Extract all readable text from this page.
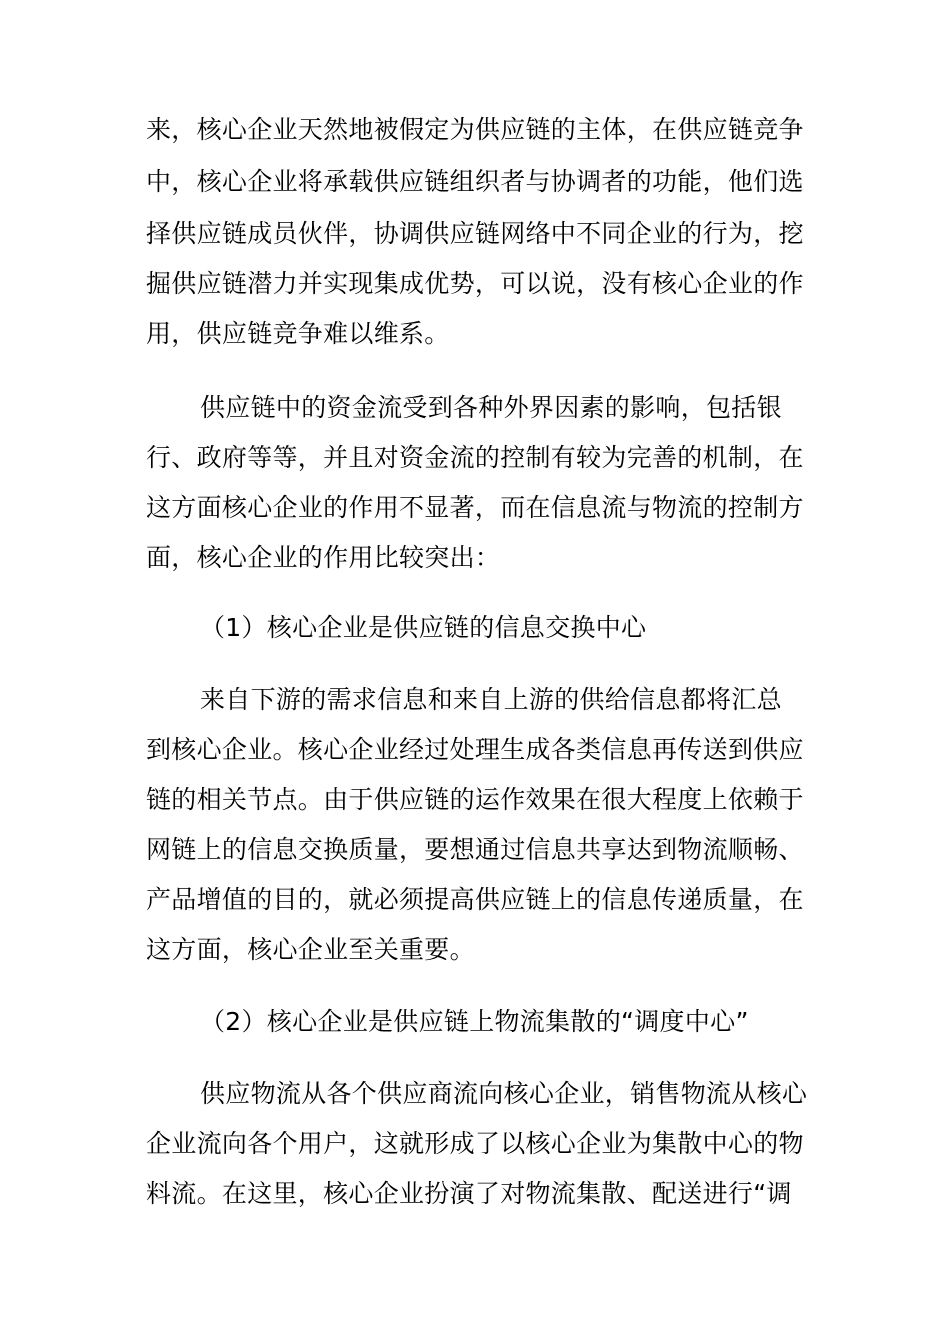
来，核心企业天然地被假定为供应链的主体，在供应链竞争

中，核心企业将承载供应链组织者与协调者的功能，他们选

择供应链成员伙伴，协调供应链网络中不同企业的行为，挖

掘供应链潜力并实现集成优势，可以说，没有核心企业的作

用，供应链竞争难以维系。

供应链中的资金流受到各种外界因素的影响，包括银

行、政府等等，并且对资金流的控制有较为完善的机制，在

这方面核心企业的作用不显著，而在信息流与物流的控制方

面，核心企业的作用比较突出：

（1）核心企业是供应链的信息交换中心

来自下游的需求信息和来自上游的供给信息都将汇总

到核心企业。核心企业经过处理生成各类信息再传送到供应

链的相关节点。由于供应链的运作效果在很大程度上依赖于

网链上的信息交换质量，要想通过信息共享达到物流顺畅、

产品增值的目的，就必须提高供应链上的信息传递质量，在

这方面，核心企业至关重要。

（2）核心企业是供应链上物流集散的“调度中心”

供应物流从各个供应商流向核心企业，销售物流从核心

企业流向各个用户，这就形成了以核心企业为集散中心的物

料流。在这里，核心企业扮演了对物流集散、配送进行“调
